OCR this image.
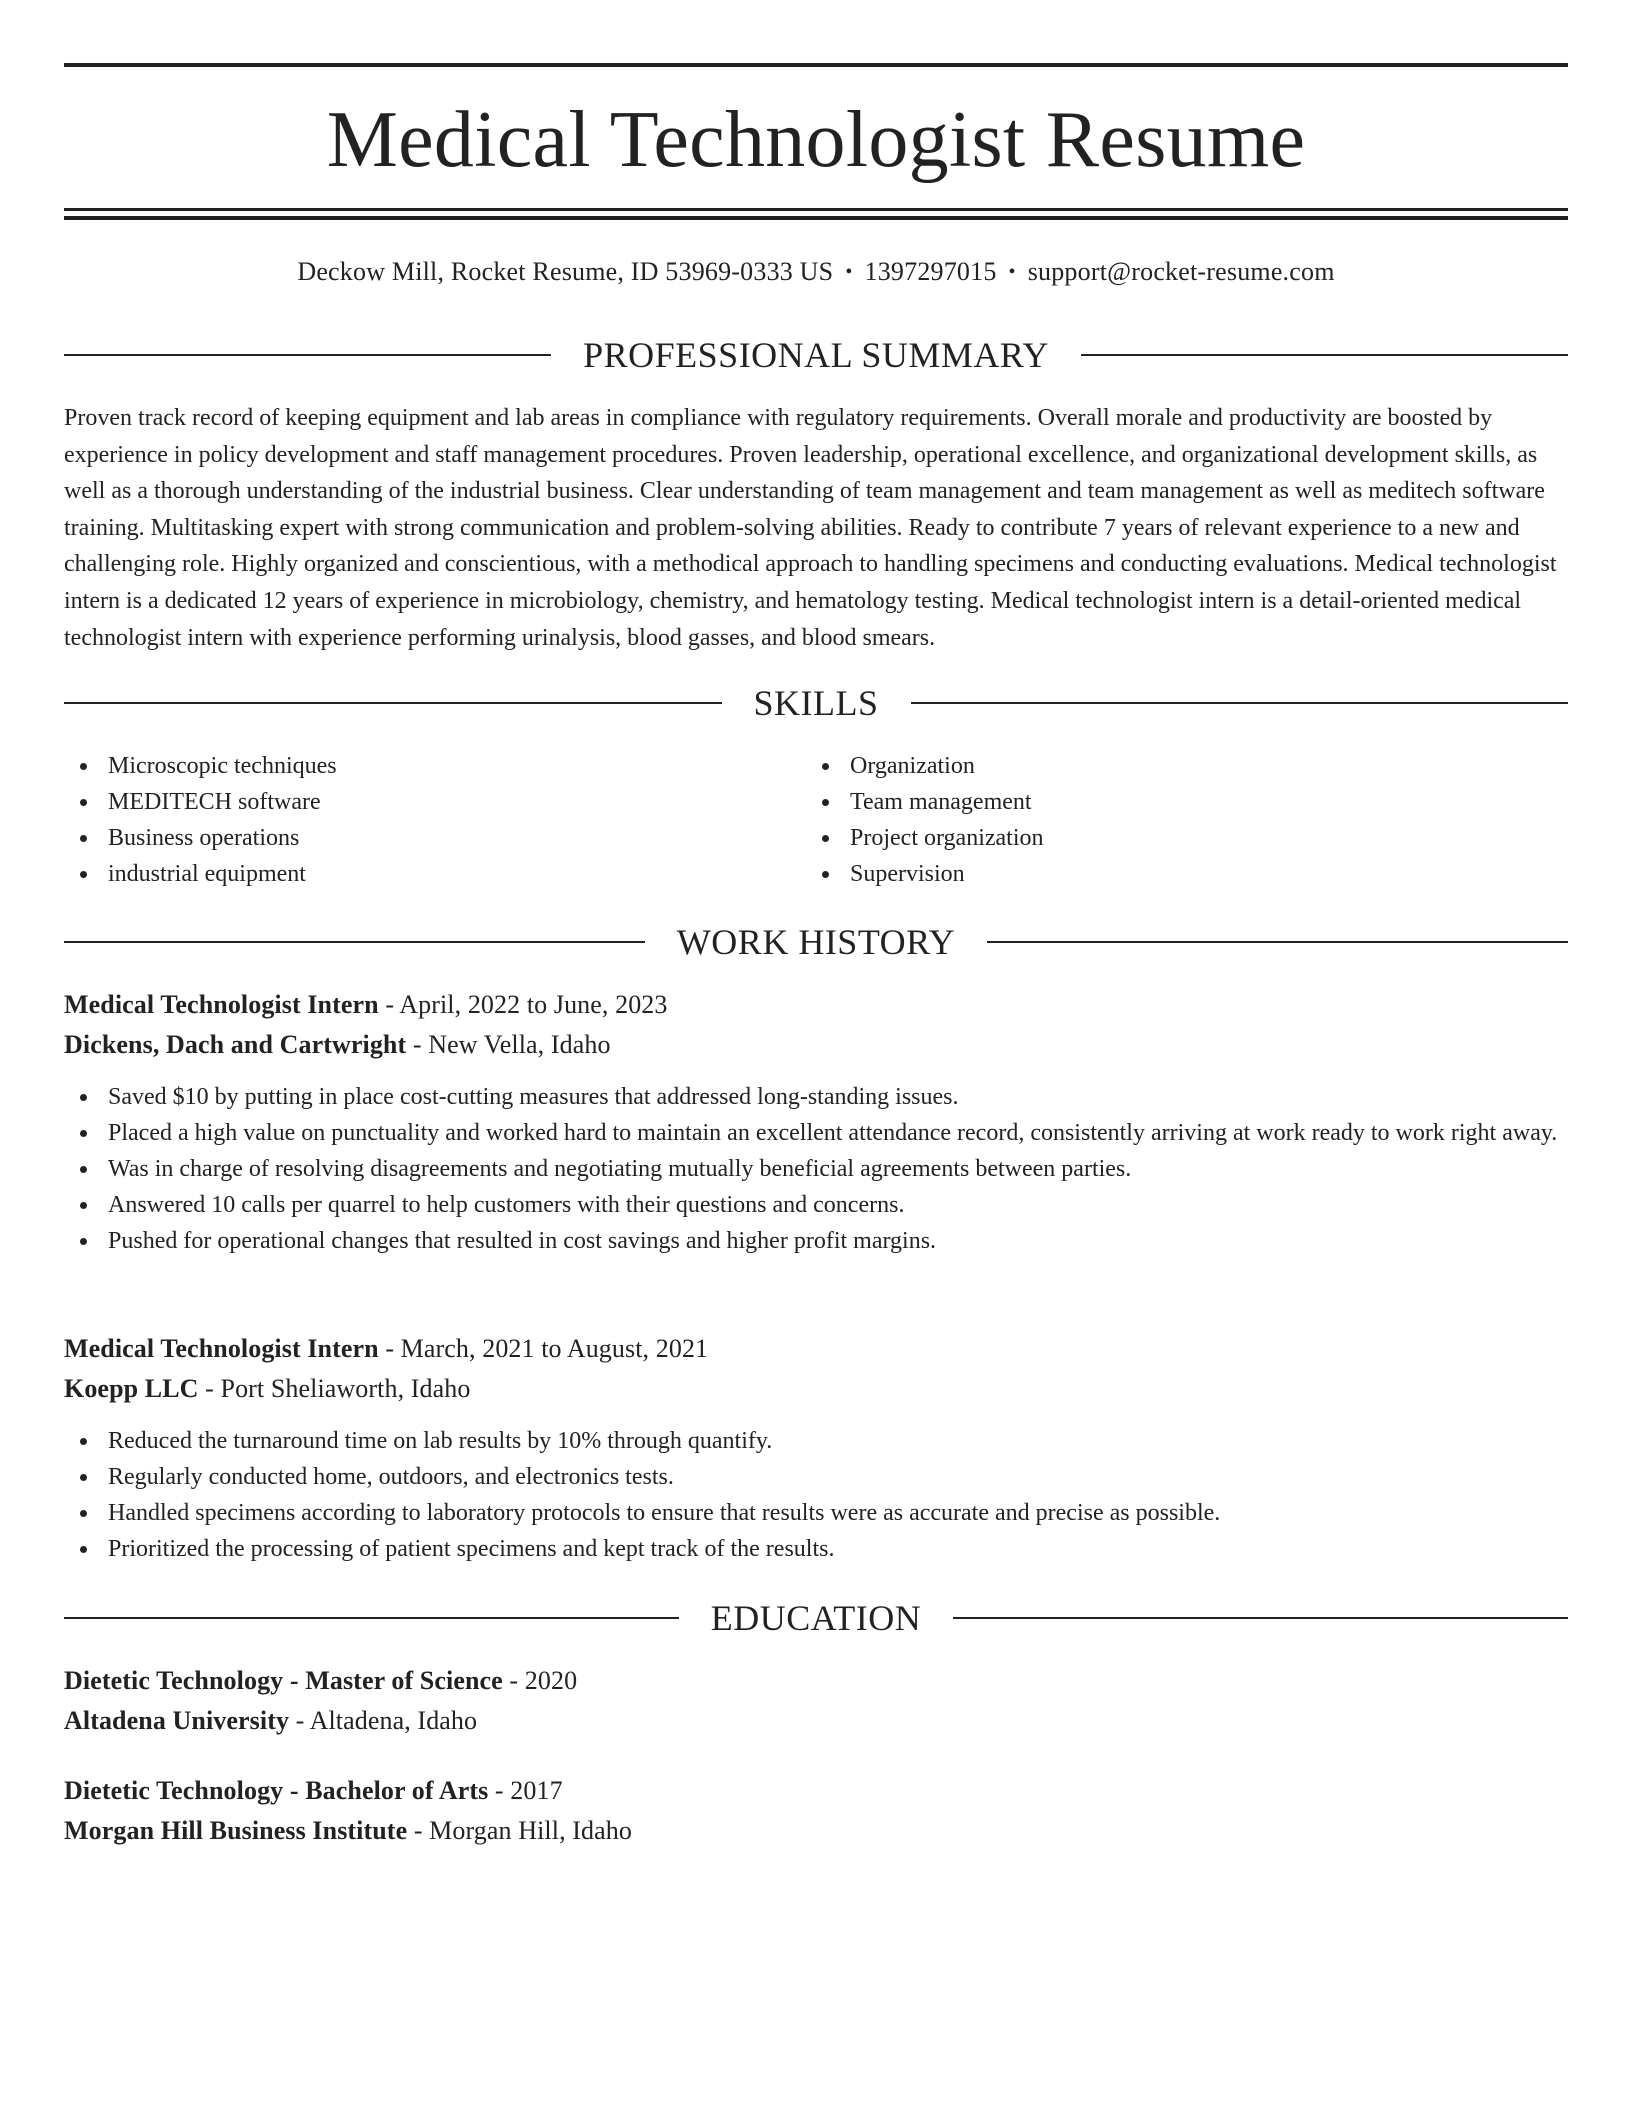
Medical Technologist Resume
Deckow Mill, Rocket Resume, ID 53969-0333 US • 1397297015 • support@rocket-resume.com
PROFESSIONAL SUMMARY

Proven track record of keeping equipment and lab areas in compliance with regulatory requirements. Overall morale and productivity are boosted by experience in policy development and staff management procedures. Proven leadership, operational excellence, and organizational development skills, as well as a thorough understanding of the industrial business. Clear understanding of team management and team management as well as meditech software training. Multitasking expert with strong communication and problem-solving abilities. Ready to contribute 7 years of relevant experience to a new and challenging role. Highly organized and conscientious, with a methodical approach to handling specimens and conducting evaluations. Medical technologist intern is a dedicated 12 years of experience in microbiology, chemistry, and hematology testing. Medical technologist intern is a detail-oriented medical technologist intern with experience performing urinalysis, blood gasses, and blood smears.

SKILLS
Microscopic techniques
MEDITECH software
Business operations
industrial equipment
Organization
Team management
Project organization
Supervision
WORK HISTORY
Medical Technologist Intern - April, 2022 to June, 2023
Dickens, Dach and Cartwright - New Vella, Idaho
Saved $10 by putting in place cost-cutting measures that addressed long-standing issues.
Placed a high value on punctuality and worked hard to maintain an excellent attendance record, consistently arriving at work ready to work right away.
Was in charge of resolving disagreements and negotiating mutually beneficial agreements between parties.
Answered 10 calls per quarrel to help customers with their questions and concerns.
Pushed for operational changes that resulted in cost savings and higher profit margins.
Medical Technologist Intern - March, 2021 to August, 2021
Koepp LLC - Port Sheliaworth, Idaho
Reduced the turnaround time on lab results by 10% through quantify.
Regularly conducted home, outdoors, and electronics tests.
Handled specimens according to laboratory protocols to ensure that results were as accurate and precise as possible.
Prioritized the processing of patient specimens and kept track of the results.
EDUCATION
Dietetic Technology - Master of Science - 2020
Altadena University - Altadena, Idaho
Dietetic Technology - Bachelor of Arts - 2017
Morgan Hill Business Institute - Morgan Hill, Idaho
